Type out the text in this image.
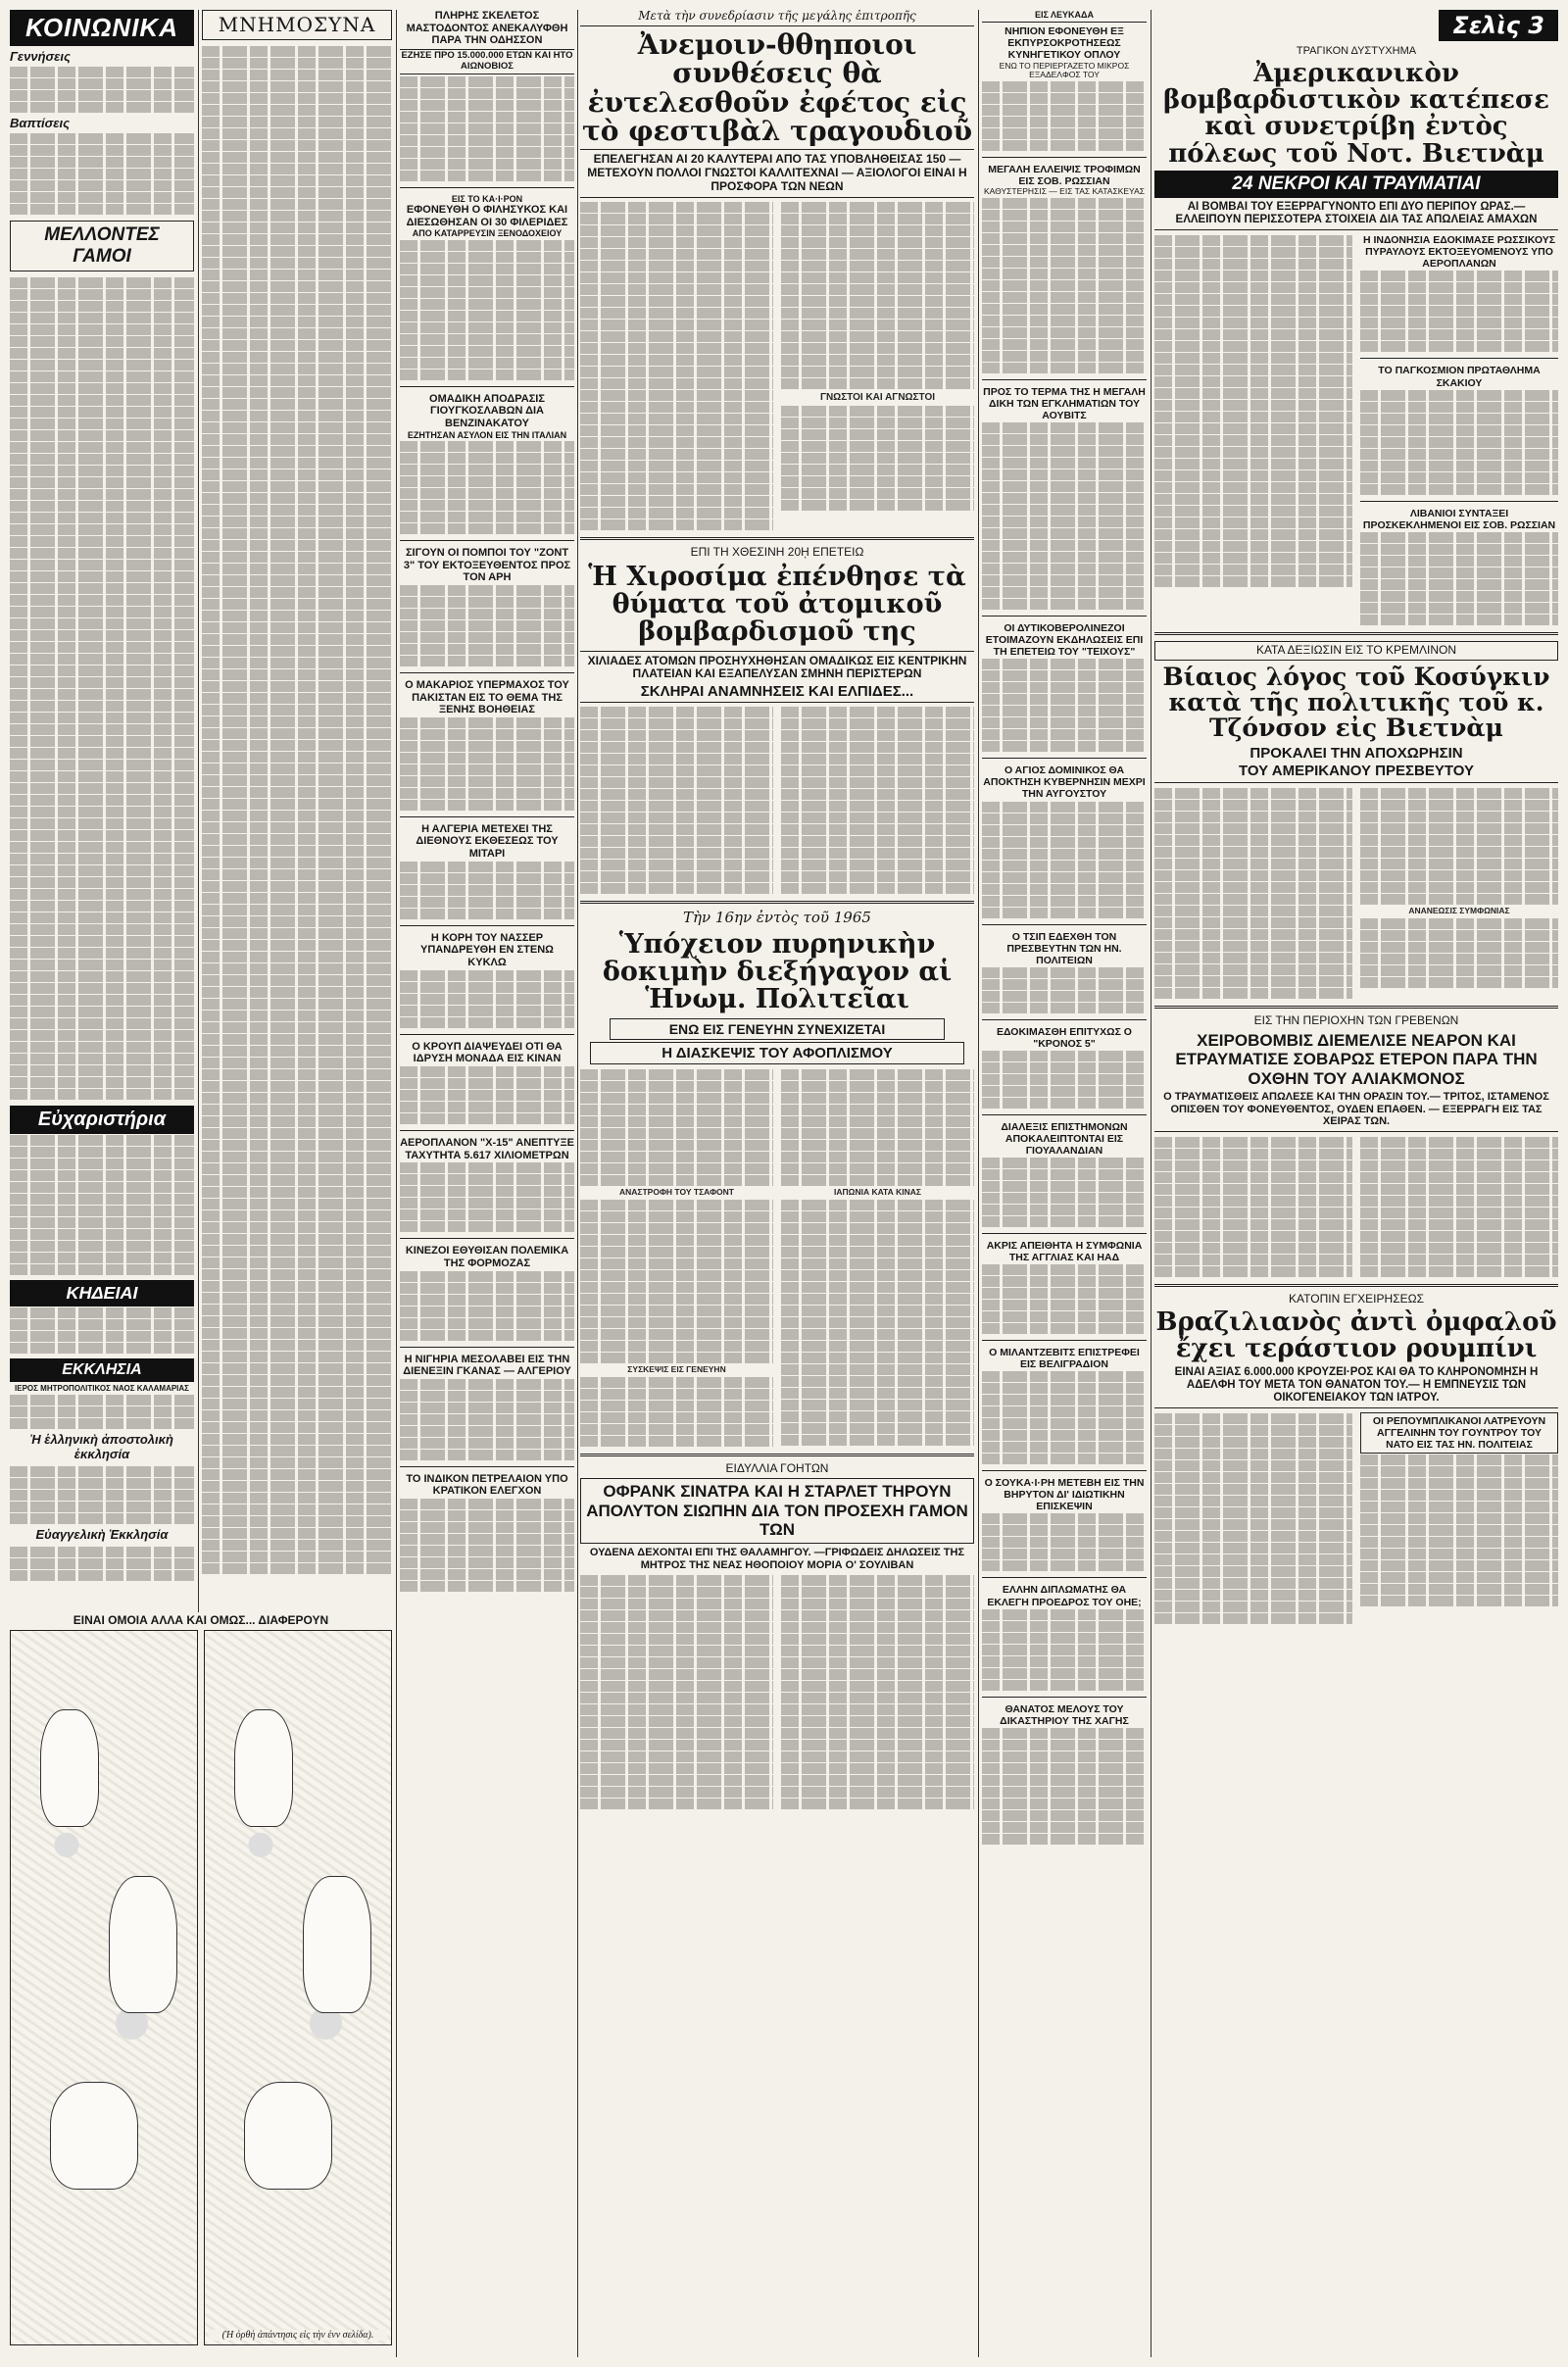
ΚΟΙΝΩΝΙΚΑ
Γεννήσεις
Βαπτίσεις
ΜΕΛΛΟΝΤΕΣ ΓΑΜΟΙ
Εὐχαριστήρια
ΚΗΔΕΙΑΙ
ΕΚΚΛΗΣΙΑ
ΙΕΡΟΣ ΜΗΤΡΟΠΟΛΙΤΙΚΟΣ ΝΑΟΣ ΚΑΛΑΜΑΡΙΑΣ
Ἡ ἑλληνικὴ ἀποστολικὴ ἐκκλησία
Εὐαγγελικὴ Ἐκκλησία
ΕΙΝΑΙ ΟΜΟΙΑ ΑΛΛΑ ΚΑΙ ΟΜΩΣ... ΔΙΑΦΕΡΟΥΝ
(Ἡ ὀρθὴ ἀπάντησις εἰς τὴν ἑνν σελίδα).
ΜΝΗΜΟΣΥΝΑ	ΠΛΗΡΗΣ ΣΚΕΛΕΤΟΣ ΜΑΣΤΟΔΟΝΤΟΣ ΑΝΕΚΑΛΥΦΘΗ ΠΑΡΑ ΤΗΝ ΟΔΗΣΣΟΝ
ΕΖΗΣΕ ΠΡΟ 15.000.000 ΕΤΩΝ ΚΑΙ ΗΤΟ ΑΙΩΝΟΒΙΟΣ
ΕΙΣ ΤΟ ΚΑ·Ι·ΡΟΝ
ΕΦΟΝΕΥΘΗ Ο ΦΙΛΗΣΥΚΟΣ ΚΑΙ ΔΙΕΣΩΘΗΣΑΝ ΟΙ 30 ΦΙΛΕΡΙΔΕΣ
ΑΠΟ ΚΑΤΑΡΡΕΥΣΙΝ ΞΕΝΟΔΟΧΕΙΟΥ
ΟΜΑΔΙΚΗ ΑΠΟΔΡΑΣΙΣ ΓΙΟΥΓΚΟΣΛΑΒΩΝ ΔΙΑ ΒΕΝΖΙΝΑΚΑΤΟΥ
ΕΖΗΤΗΣΑΝ ΑΣΥΛΟΝ ΕΙΣ ΤΗΝ ΙΤΑΛΙΑΝ
ΣΙΓΟΥΝ ΟΙ ΠΟΜΠΟΙ ΤΟΥ "ΖΟΝΤ 3" ΤΟΥ ΕΚΤΟΞΕΥΘΕΝΤΟΣ ΠΡΟΣ ΤΟΝ ΑΡΗ
Ο ΜΑΚΑΡΙΟΣ ΥΠΕΡΜΑΧΟΣ ΤΟΥ ΠΑΚΙΣΤΑΝ ΕΙΣ ΤΟ ΘΕΜΑ ΤΗΣ ΞΕΝΗΣ ΒΟΗΘΕΙΑΣ
Η ΑΛΓΕΡΙΑ ΜΕΤΕΧΕΙ ΤΗΣ ΔΙΕΘΝΟΥΣ ΕΚΘΕΣΕΩΣ ΤΟΥ ΜΙΤΑΡΙ
Η ΚΟΡΗ ΤΟΥ ΝΑΣΣΕΡ ΥΠΑΝΔΡΕΥΘΗ ΕΝ ΣΤΕΝΩ ΚΥΚΛΩ
Ο ΚΡΟΥΠ ΔΙΑΨΕΥΔΕΙ ΟΤΙ ΘΑ ΙΔΡΥΣΗ ΜΟΝΑΔΑ ΕΙΣ ΚΙΝΑΝ
ΑΕΡΟΠΛΑΝΟΝ "Χ-15" ΑΝΕΠΤΥΞΕ ΤΑΧΥΤΗΤΑ 5.617 ΧΙΛΙΟΜΕΤΡΩΝ
ΚΙΝΕΖΟΙ ΕΘΥΘΙΣΑΝ ΠΟΛΕΜΙΚΑ ΤΗΣ ΦΟΡΜΟΖΑΣ
Η ΝΙΓΗΡΙΑ ΜΕΣΟΛΑΒΕΙ ΕΙΣ ΤΗΝ ΔΙΕΝΕΞΙΝ ΓΚΑΝΑΣ — ΑΛΓΕΡΙΟΥ
ΤΟ ΙΝΔΙΚΟΝ ΠΕΤΡΕΛΑΙΟΝ ΥΠΟ ΚΡΑΤΙΚΟΝ ΕΛΕΓΧΟΝ
Μετὰ τὴν συνεδρίασιν τῆς μεγάλης ἐπιτροπῆς
Ἀνεμοιν-θθηποιοι συνθέσεις θὰ ἐυτελεσθοῦν ἐφέτος εἰς τὸ φεστιβὰλ τραγουδιοῦ
ΕΠΕΛΕΓΗΣΑΝ ΑΙ 20 ΚΑΛΥΤΕΡΑΙ ΑΠΟ ΤΑΣ ΥΠΟΒΛΗΘΕΙΣΑΣ 150 — ΜΕΤΕΧΟΥΝ ΠΟΛΛΟΙ ΓΝΩΣΤΟΙ ΚΑΛΛΙΤΕΧΝΑΙ — ΑΞΙΟΛΟΓΟΙ ΕΙΝΑΙ Η ΠΡΟΣΦΟΡΑ ΤΩΝ ΝΕΩΝ
ΓΝΩΣΤΟΙ ΚΑΙ ΑΓΝΩΣΤΟΙ
ΕΠΙ ΤΗ ΧΘΕΣΙΝΗ 20ῌ ΕΠΕΤΕΙΩ
Ἡ Χιροσίμα ἐπένθησε τὰ θύματα τοῦ ἀτομικοῦ βομβαρδισμοῦ της
ΧΙΛΙΑΔΕΣ ΑΤΟΜΩΝ ΠΡΟΣΗΥΧΗΘΗΣΑΝ ΟΜΑΔΙΚΩΣ ΕΙΣ ΚΕΝΤΡΙΚΗΝ ΠΛΑΤΕΙΑΝ ΚΑΙ ΕΞΑΠΕΛΥΣΑΝ ΣΜΗΝΗ ΠΕΡΙΣΤΕΡΩΝ
ΣΚΛΗΡΑΙ ΑΝΑΜΝΗΣΕΙΣ ΚΑΙ ΕΛΠΙΔΕΣ...
Τὴν 16ην ἐντὸς τοῦ 1965
Ὑπόχειον πυρηνικὴν δοκιμὴν διεξήγαγον αἱ Ἡνωμ. Πολιτεῖαι
ΕΝΩ ΕΙΣ ΓΕΝΕΥΗΝ ΣΥΝΕΧΙΖΕΤΑΙ
Η ΔΙΑΣΚΕΨΙΣ ΤΟΥ ΑΦΟΠΛΙΣΜΟΥ
ΑΝΑΣΤΡΟΦΗ ΤΟΥ ΤΣΑΦΟΝΤ
ΣΥΣΚΕΨΙΣ ΕΙΣ ΓΕΝΕΥΗΝ
ΙΑΠΩΝΙΑ ΚΑΤΑ ΚΙΝΑΣ
ΕΙΔΥΛΛΙΑ ΓΟΗΤΩΝ
ΟΦΡΑΝΚ ΣΙΝΑΤΡΑ ΚΑΙ Η ΣΤΑΡΛΕΤ ΤΗΡΟΥΝ ΑΠΟΛΥΤΟΝ ΣΙΩΠΗΝ ΔΙΑ ΤΟΝ ΠΡΟΣΕΧΗ ΓΑΜΟΝ ΤΩΝ
ΟΥΔΕΝΑ ΔΕΧΟΝΤΑΙ ΕΠΙ ΤΗΣ ΘΑΛΑΜΗΓΟΥ. —ΓΡΙΦΩΔΕΙΣ ΔΗΛΩΣΕΙΣ ΤΗΣ ΜΗΤΡΟΣ ΤΗΣ ΝΕΑΣ ΗΘΟΠΟΙΟΥ ΜΟΡΙΑ Ο' ΣΟΥΛΙΒΑΝ
ΕΙΣ ΛΕΥΚΑΔΑ
ΝΗΠΙΟΝ ΕΦΟΝΕΥΘΗ ΕΞ ΕΚΠΥΡΣΟΚΡΟΤΗΣΕΩΣ ΚΥΝΗΓΕΤΙΚΟΥ ΟΠΛΟΥ
ΕΝΩ ΤΟ ΠΕΡΙΕΡΓΑΖΕΤΟ ΜΙΚΡΟΣ ΕΞΑΔΕΛΦΟΣ ΤΟΥ
ΜΕΓΑΛΗ ΕΛΛΕΙΨΙΣ ΤΡΟΦΙΜΩΝ ΕΙΣ ΣΟΒ. ΡΩΣΣΙΑΝ
ΚΑΘΥΣΤΕΡΗΣΙΣ — ΕΙΣ ΤΑΣ ΚΑΤΑΣΚΕΥΑΣ
ΠΡΟΣ ΤΟ ΤΕΡΜΑ ΤΗΣ Η ΜΕΓΑΛΗ ΔΙΚΗ ΤΩΝ ΕΓΚΛΗΜΑΤΙΩΝ ΤΟΥ ΑΟΥΒΙΤΣ
ΟΙ ΔΥΤΙΚΟΒΕΡΟΛΙΝΕΖΟΙ ΕΤΟΙΜΑΖΟΥΝ ΕΚΔΗΛΩΣΕΙΣ ΕΠΙ ΤΗ ΕΠΕΤΕΙΩ ΤΟΥ "ΤΕΙΧΟΥΣ"
Ο ΑΓΙΟΣ ΔΟΜΙΝΙΚΟΣ ΘΑ ΑΠΟΚΤΗΣΗ ΚΥΒΕΡΝΗΣΙΝ ΜΕΧΡΙ ΤΗΝ ΑΥΓΟΥΣΤΟΥ
Ο ΤΣΙΠ ΕΔΕΧΘΗ ΤΟΝ ΠΡΕΣΒΕΥΤΗΝ ΤΩΝ ΗΝ. ΠΟΛΙΤΕΙΩΝ
ΕΔΟΚΙΜΑΣΘΗ ΕΠΙΤΥΧΩΣ Ο "ΚΡΟΝΟΣ 5"
ΔΙΑΛΕΞΙΣ ΕΠΙΣΤΗΜΟΝΩΝ ΑΠΟΚΑΛΕΙΠΤΟΝΤΑΙ ΕΙΣ ΓΙΟΥΑΛΑΝΔΙΑΝ
ΑΚΡΙΣ ΑΠΕΙΘΗΤΑ Η ΣΥΜΦΩΝΙΑ ΤΗΣ ΑΓΓΛΙΑΣ ΚΑΙ ΗΑΔ
Ο ΜΙΛΑΝΤΖΕΒΙΤΣ ΕΠΙΣΤΡΕΦΕΙ ΕΙΣ ΒΕΛΙΓΡΑΔΙΟΝ
Ο ΣΟΥΚΑ·Ι·ΡΗ ΜΕΤΕΒΗ ΕΙΣ ΤΗΝ ΒΗΡΥΤΟΝ ΔΙ' ΙΔΙΩΤΙΚΗΝ ΕΠΙΣΚΕΨΙΝ
ΕΛΛΗΝ ΔΙΠΛΩΜΑΤΗΣ ΘΑ ΕΚΛΕΓΗ ΠΡΟΕΔΡΟΣ ΤΟΥ ΟΗΕ;
ΘΑΝΑΤΟΣ ΜΕΛΟΥΣ ΤΟΥ ΔΙΚΑΣΤΗΡΙΟΥ ΤΗΣ ΧΑΓΗΣ
Σελὶς 3
ΤΡΑΓΙΚΟΝ ΔΥΣΤΥΧΗΜΑ
Ἀμερικανικὸν βομβαρδιστικὸν κατέπεσε καὶ συνετρίβη ἐντὸς πόλεως τοῦ Νοτ. Βιετνὰμ
24 ΝΕΚΡΟΙ ΚΑΙ ΤΡΑΥΜΑΤΙΑΙ
ΑΙ ΒΟΜΒΑΙ ΤΟΥ ΕΞΕΡΡΑΓΥΝΟΝΤΟ ΕΠΙ ΔΥΟ ΠΕΡΙΠΟΥ ΩΡΑΣ.— ΕΛΛΕΙΠΟΥΝ ΠΕΡΙΣΣΟΤΕΡΑ ΣΤΟΙΧΕΙΑ ΔΙΑ ΤΑΣ ΑΠΩΛΕΙΑΣ ΑΜΑΧΩΝ
Η ΙΝΔΟΝΗΣΙΑ ΕΔΟΚΙΜΑΣΕ ΡΩΣΣΙΚΟΥΣ ΠΥΡΑΥΛΟΥΣ ΕΚΤΟΞΕΥΟΜΕΝΟΥΣ ΥΠΟ ΑΕΡΟΠΛΑΝΩΝ
ΤΟ ΠΑΓΚΟΣΜΙΟΝ ΠΡΩΤΑΘΛΗΜΑ ΣΚΑΚΙΟΥ
ΛΙΒΑΝΙΟΙ ΣΥΝΤΑΞΕΙ ΠΡΟΣΚΕΚΛΗΜΕΝΟΙ ΕΙΣ ΣΟΒ. ΡΩΣΣΙΑΝ
ΚΑΤΑ ΔΕΞΙΩΣΙΝ ΕΙΣ ΤΟ ΚΡΕΜΛΙΝΟΝ
Βίαιος λόγος τοῦ Κοσύγκιν κατὰ τῆς πολιτικῆς τοῦ κ. Τζόνσον εἰς Βιετνὰμ
ΠΡΟΚΑΛΕΙ ΤΗΝ ΑΠΟΧΩΡΗΣΙΝ
ΤΟΥ ΑΜΕΡΙΚΑΝΟΥ ΠΡΕΣΒΕΥΤΟΥ
ΑΝΑΝΕΩΣΙΣ ΣΥΜΦΩΝΙΑΣ
ΕΙΣ ΤΗΝ ΠΕΡΙΟΧΗΝ ΤΩΝ ΓΡΕΒΕΝΩΝ
ΧΕΙΡΟΒΟΜΒΙΣ ΔΙΕΜΕΛΙΣΕ ΝΕΑΡΟΝ ΚΑΙ ΕΤΡΑΥΜΑΤΙΣΕ ΣΟΒΑΡΩΣ ΕΤΕΡΟΝ ΠΑΡΑ ΤΗΝ ΟΧΘΗΝ ΤΟΥ ΑΛΙΑΚΜΟΝΟΣ
Ο ΤΡΑΥΜΑΤΙΣΘΕΙΣ ΑΠΩΛΕΣΕ ΚΑΙ ΤΗΝ ΟΡΑΣΙΝ ΤΟΥ.— ΤΡΙΤΟΣ, ΙΣΤΑΜΕΝΟΣ ΟΠΙΣΘΕΝ ΤΟΥ ΦΟΝΕΥΘΕΝΤΟΣ, ΟΥΔΕΝ ΕΠΑΘΕΝ. — ΕΞΕΡΡΑΓΗ ΕΙΣ ΤΑΣ ΧΕΙΡΑΣ ΤΩΝ.
ΚΑΤΟΠΙΝ ΕΓΧΕΙΡΗΣΕΩΣ
Βραζιλιανὸς ἀντὶ ὀμφαλοῦ ἔχει τεράστιον ρουμπίνι
ΕΙΝΑΙ ΑΞΙΑΣ 6.000.000 ΚΡΟΥΖΕΙ·ΡΟΣ ΚΑΙ ΘΑ ΤΟ ΚΛΗΡΟΝΟΜΗΣΗ Η ΑΔΕΛΦΗ ΤΟΥ ΜΕΤΑ ΤΟΝ ΘΑΝΑΤΟΝ ΤΟΥ.— Η ΕΜΠΝΕΥΣΙΣ ΤΩΝ ΟΙΚΟΓΕΝΕΙΑΚΟΥ ΤΩΝ ΙΑΤΡΟΥ.
ΟΙ ΡΕΠΟΥΜΠΛΙΚΑΝΟΙ ΛΑΤΡΕΥΟΥΝ ΑΓΓΕΛΙΝΗΝ ΤΟΥ ΓΟΥΝΤΡΟΥ ΤΟΥ ΝΑΤΟ ΕΙΣ ΤΑΣ ΗΝ. ΠΟΛΙΤΕΙΑΣ
